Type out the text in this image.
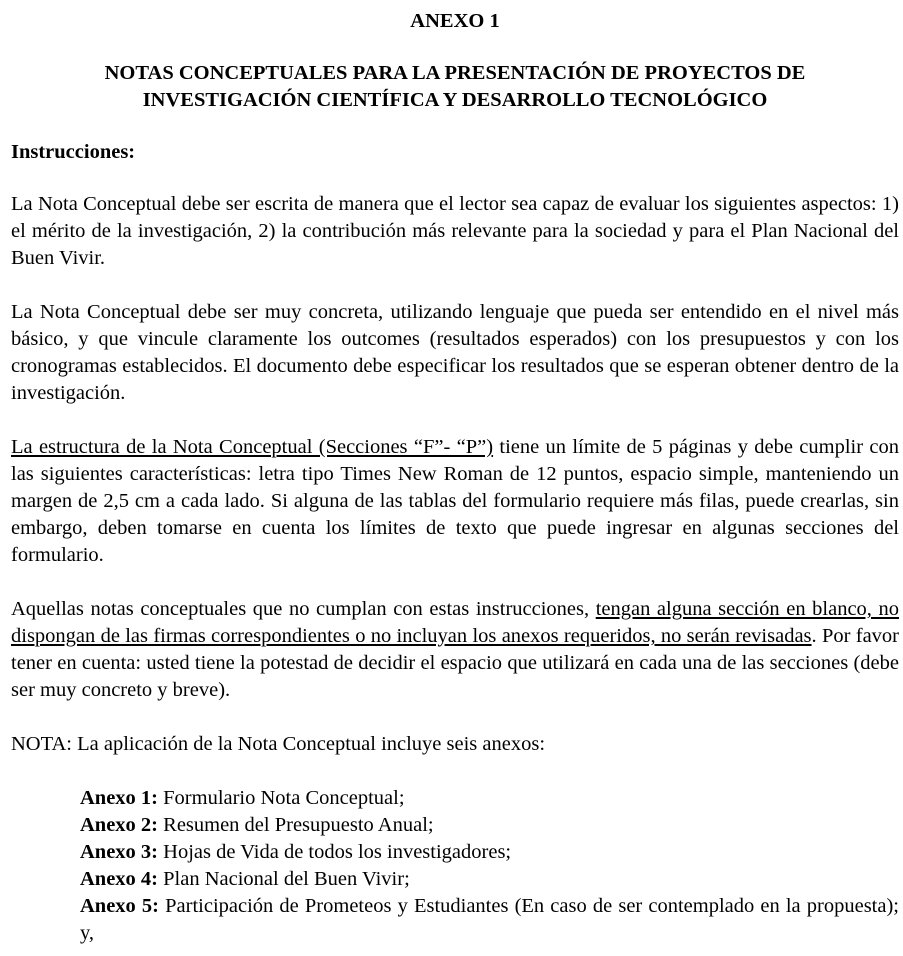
ANEXO 1

NOTAS CONCEPTUALES PARA LA PRESENTACIÓN DE PROYECTOS DE
INVESTIGACIÓN CIENTÍFICA Y DESARROLLO TECNOLÓGICO

Instrucciones:

La Nota Conceptual debe ser escrita de manera que el lector sea capaz de evaluar los siguientes aspectos: 1) el mérito de la investigación, 2) la contribución más relevante para la sociedad y para el Plan Nacional del Buen Vivir.

La Nota Conceptual debe ser muy concreta, utilizando lenguaje que pueda ser entendido en el nivel más básico, y que vincule claramente los outcomes (resultados esperados) con los presupuestos y con los cronogramas establecidos. El documento debe especificar los resultados que se esperan obtener dentro de la investigación.

La estructura de la Nota Conceptual (Secciones “F”- “P”) tiene un límite de 5 páginas y debe cumplir con las siguientes características: letra tipo Times New Roman de 12 puntos, espacio simple, manteniendo un margen de 2,5 cm a cada lado. Si alguna de las tablas del formulario requiere más filas, puede crearlas, sin embargo, deben tomarse en cuenta los límites de texto que puede ingresar en algunas secciones del formulario.

Aquellas notas conceptuales que no cumplan con estas instrucciones, tengan alguna sección en blanco, no dispongan de las firmas correspondientes o no incluyan los anexos requeridos, no serán revisadas. Por favor tener en cuenta: usted tiene la potestad de decidir el espacio que utilizará en cada una de las secciones (debe ser muy concreto y breve).

NOTA: La aplicación de la Nota Conceptual incluye seis anexos:

Anexo 1: Formulario Nota Conceptual;
Anexo 2: Resumen del Presupuesto Anual;
Anexo 3: Hojas de Vida de todos los investigadores;
Anexo 4: Plan Nacional del Buen Vivir;
Anexo 5: Participación de Prometeos y Estudiantes (En caso de ser contemplado en la propuesta); y,
